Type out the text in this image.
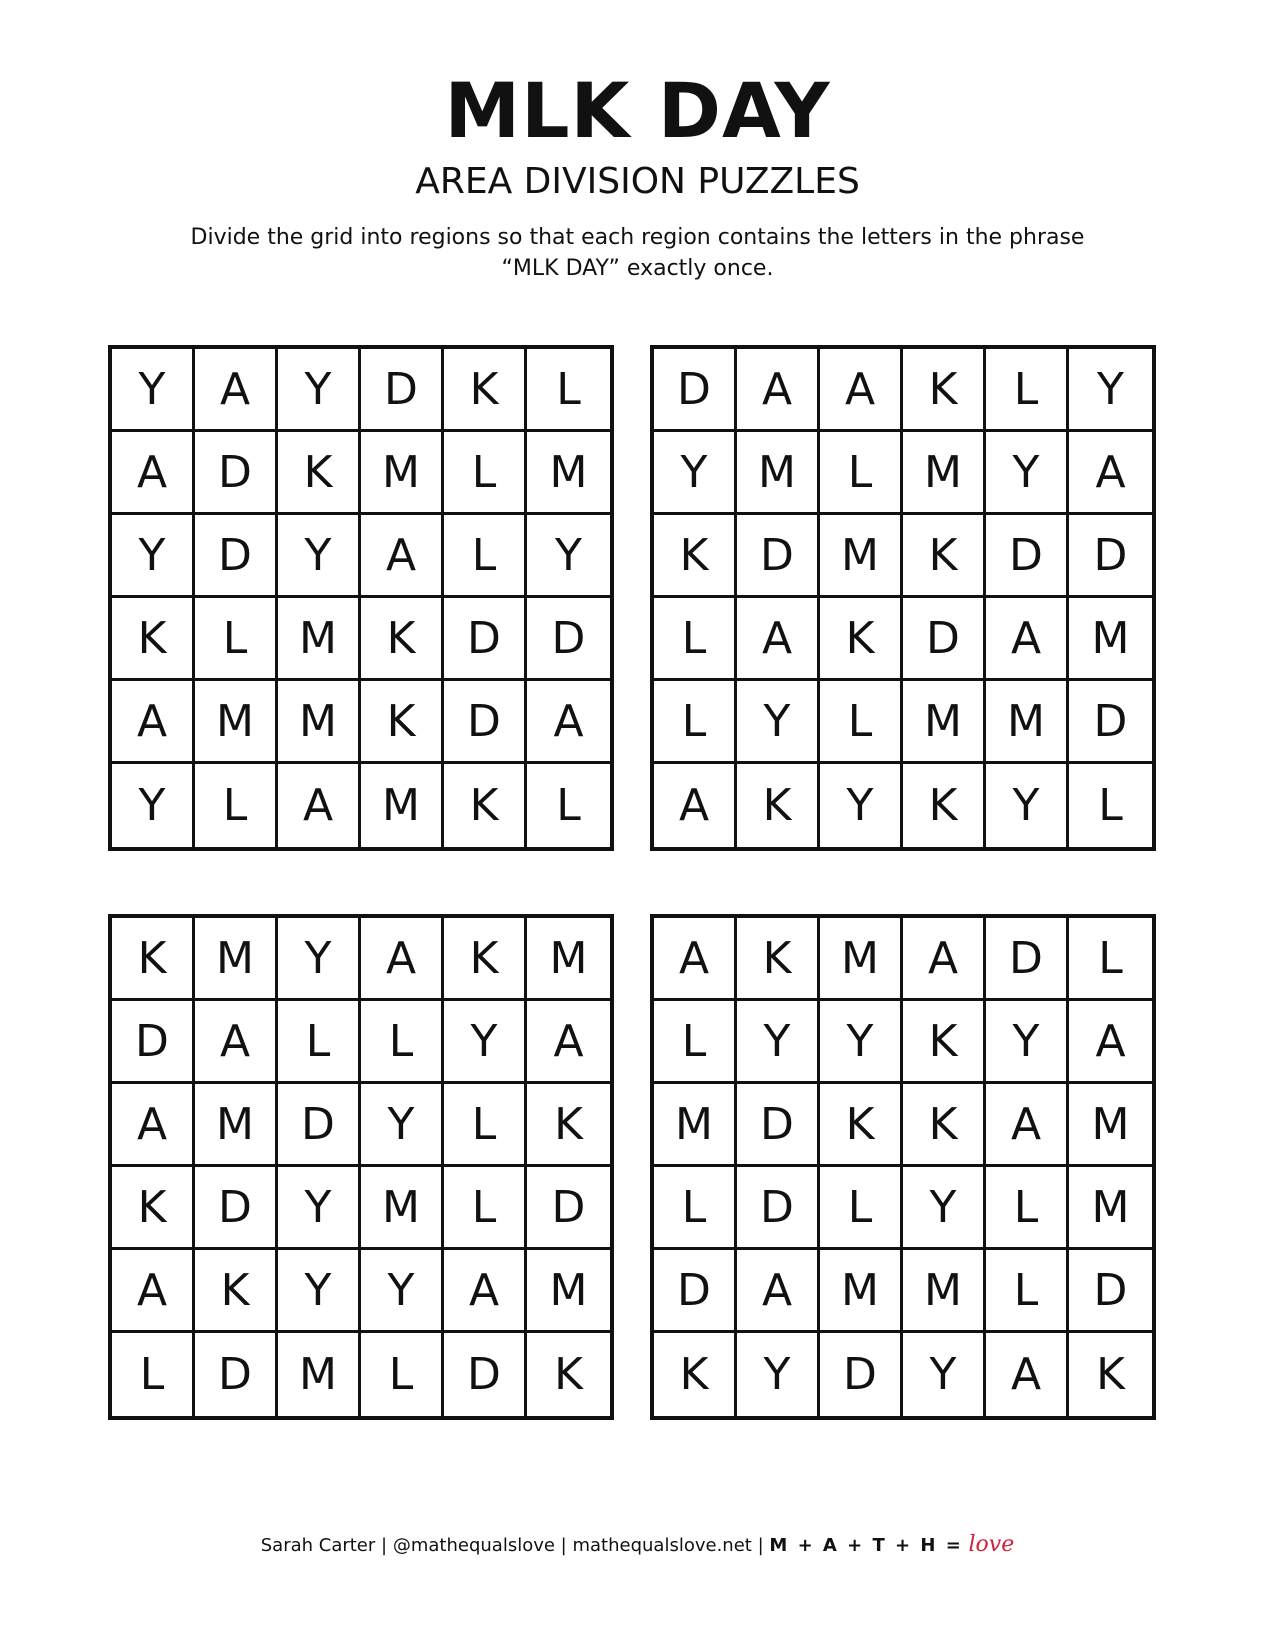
MLK DAY
AREA DIVISION PUZZLES
Divide the grid into regions so that each region contains the letters in the phrase “MLK DAY” exactly once.
Y	A	Y	D	K	L
A	D	K	M	L	M
Y	D	Y	A	L	Y
K	L	M	K	D	D
A	M	M	K	D	A
Y	L	A	M	K	L
D	A	A	K	L	Y
Y	M	L	M	Y	A
K	D	M	K	D	D
L	A	K	D	A	M
L	Y	L	M	M	D
A	K	Y	K	Y	L
K	M	Y	A	K	M
D	A	L	L	Y	A
A	M	D	Y	L	K
K	D	Y	M	L	D
A	K	Y	Y	A	M
L	D	M	L	D	K
A	K	M	A	D	L
L	Y	Y	K	Y	A
M	D	K	K	A	M
L	D	L	Y	L	M
D	A	M	M	L	D
K	Y	D	Y	A	K
Sarah Carter | @mathequalslove | mathequalslove.net | M + A + T + H = love
